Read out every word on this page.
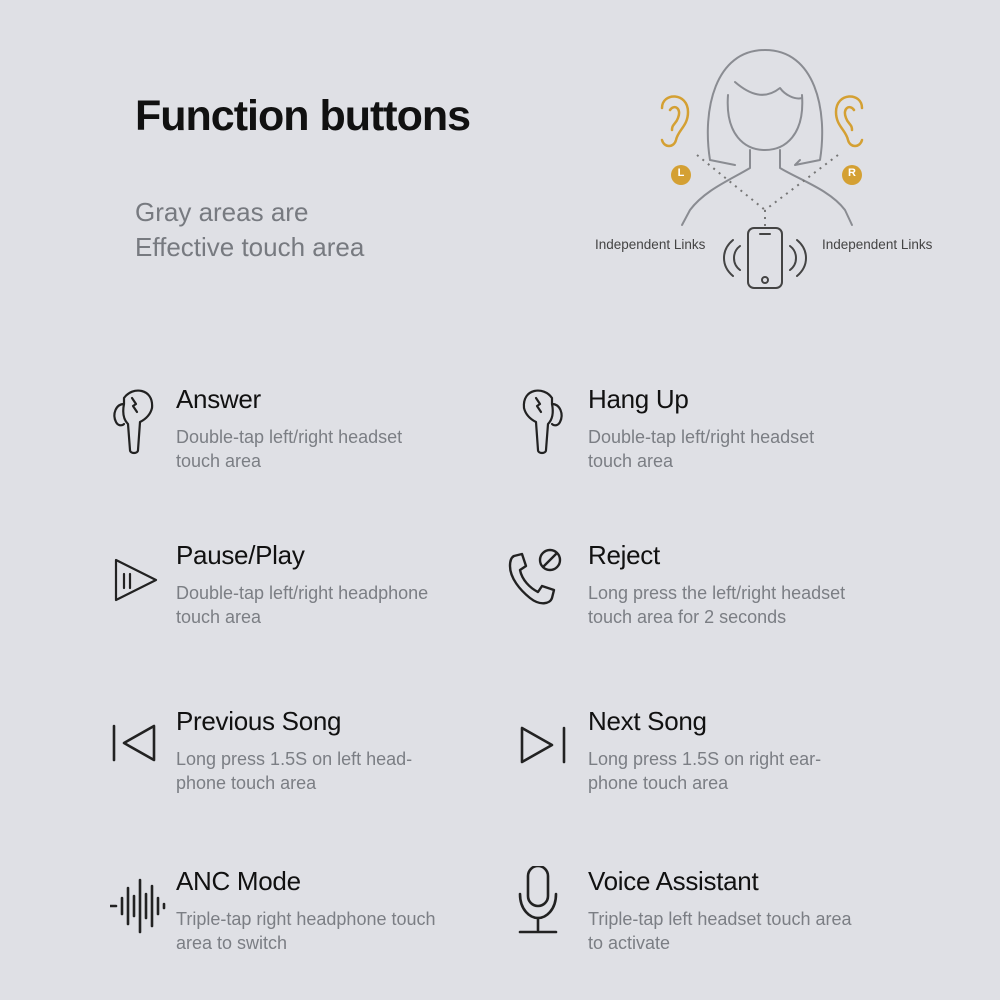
Function buttons
Gray areas are
Effective touch area
L	R
Independent Links	Independent Links
Answer
Double-tap left/right headset
touch area
Hang Up
Double-tap left/right headset
touch area
Pause/Play
Double-tap left/right headphone
touch area
Reject
Long press the left/right headset
touch area for 2 seconds
Previous Song
Long press 1.5S on left head-
phone touch area
Next Song
Long press 1.5S on right ear-
phone touch area
ANC Mode
Triple-tap right headphone touch
area to switch
Voice Assistant
Triple-tap left headset touch area
to activate
